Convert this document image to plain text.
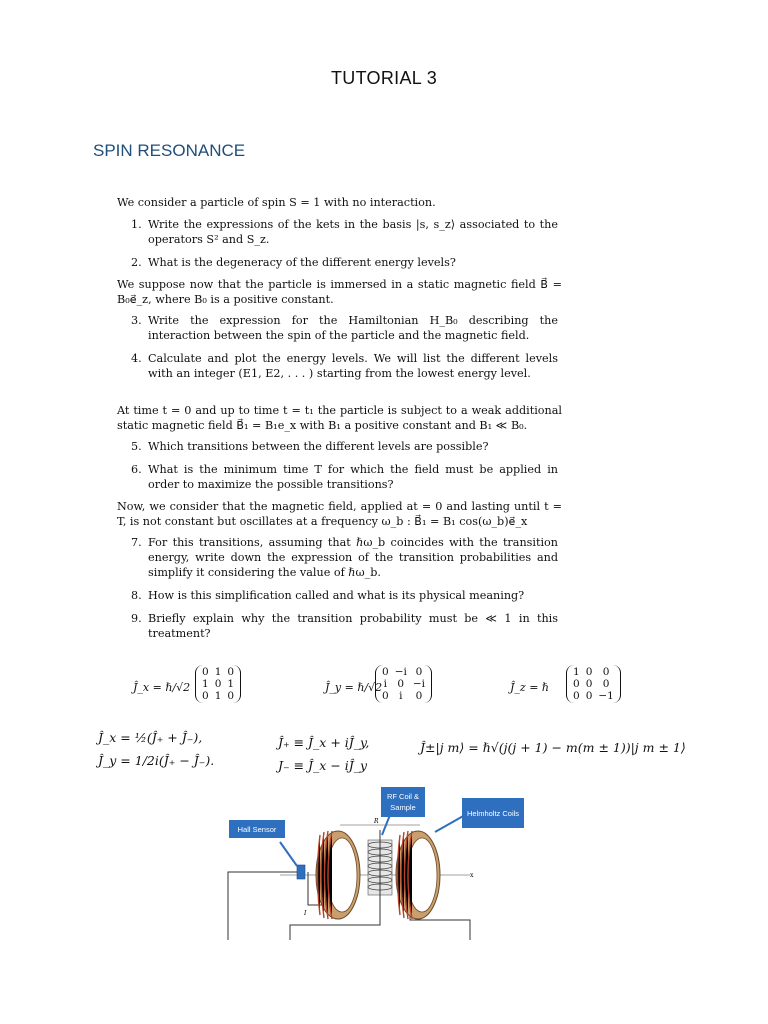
TUTORIAL 3
SPIN RESONANCE
We consider a particle of spin S = 1 with no interaction.
1. Write the expressions of the kets in the basis |s, s_z⟩ associated to the operators S² and S_z.
2. What is the degeneracy of the different energy levels?
We suppose now that the particle is immersed in a static magnetic field B⃗ = B₀e⃗_z, where B₀ is a positive constant.
3. Write the expression for the Hamiltonian H_B₀ describing the interaction between the spin of the particle and the magnetic field.
4. Calculate and plot the energy levels. We will list the different levels with an integer (E1, E2, . . . ) starting from the lowest energy level.
At time t = 0 and up to time t = t₁ the particle is subject to a weak additional static magnetic field B⃗₁ = B₁e_x with B₁ a positive constant and B₁ ≪ B₀.
5. Which transitions between the different levels are possible?
6. What is the minimum time T for which the field must be applied in order to maximize the possible transitions?
Now, we consider that the magnetic field, applied at = 0 and lasting until t = T, is not constant but oscillates at a frequency ω_b : B⃗₁ = B₁ cos(ω_b)e⃗_x
7. For this transitions, assuming that ℏω_b coincides with the transition energy, write down the expression of the transition probabilities and simplify it considering the value of ℏω_b.
8. How is this simplification called and what is its physical meaning?
9. Briefly explain why the transition probability must be ≪ 1 in this treatment?
Ĵ_x = ℏ/√2
0	1	0
1	0	1
0	1	0
Ĵ_y = ℏ/√2
0	−i	0
i	0	−i
0	i	0
Ĵ_z = ℏ
1	0	0
0	0	0
0	0	−1
Ĵ_x = ½(Ĵ₊ + Ĵ₋),
Ĵ_y = 1/2i(Ĵ₊ − Ĵ₋).
Ĵ₊ ≡ Ĵ_x + iĴ_y,
J₋ ≡ Ĵ_x − iĴ_y
Ĵ±|j m⟩ = ℏ√(j(j + 1) − m(m ± 1))|j m ± 1⟩
x
R
I
RF Coil & Sample
Helmholtz Coils
Hall Sensor
